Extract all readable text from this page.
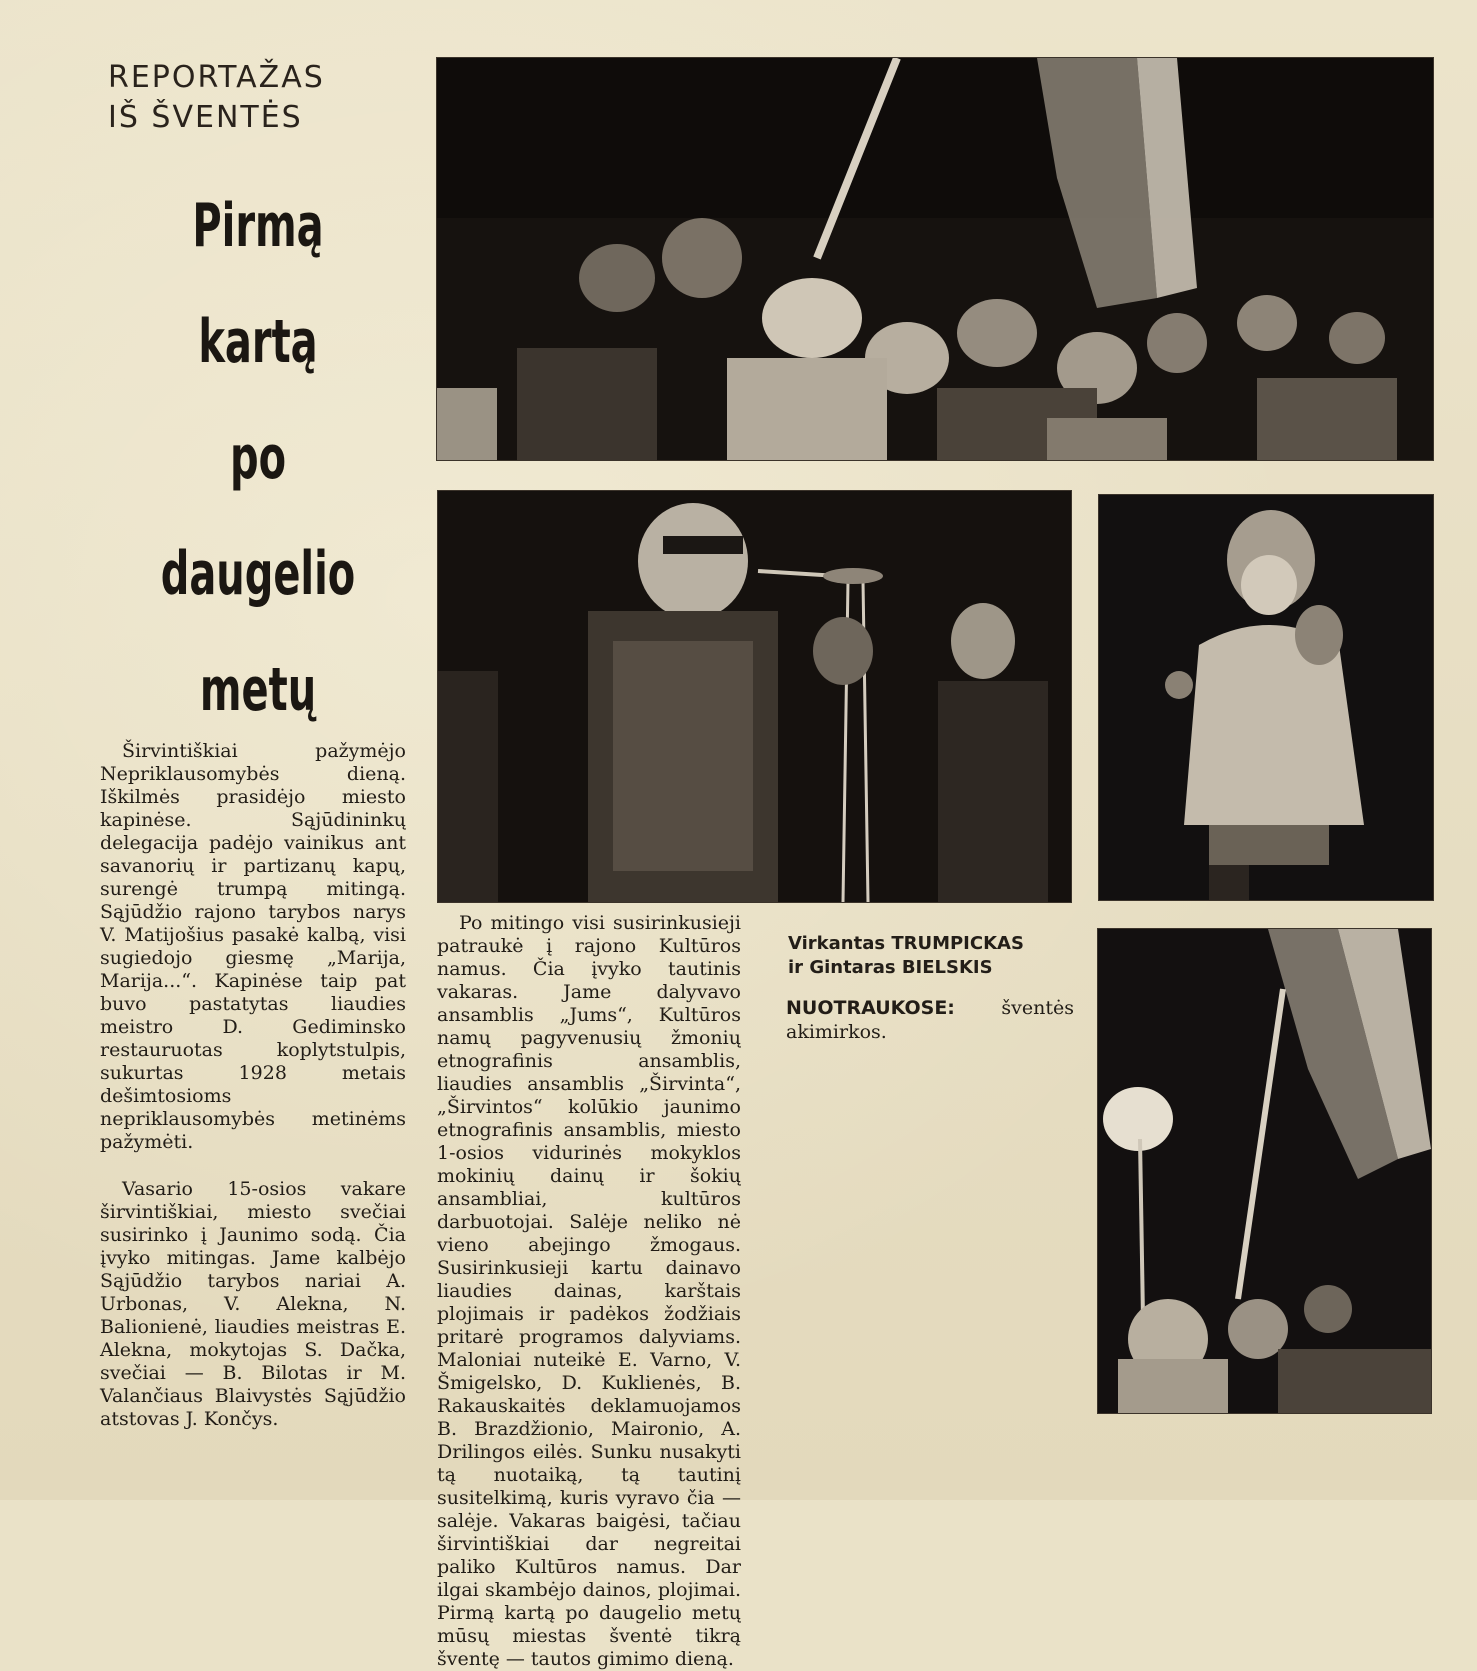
REPORTAŽAS
IŠ ŠVENTĖS
Pirmą
kartą
po
daugelio
metų

Širvintiškiai pažymėjo Nepriklausomybės dieną. Iškilmės prasidėjo miesto kapinėse. Sąjūdininkų delegacija padėjo vainikus ant savanorių ir partizanų kapų, surengė trumpą mitingą. Sąjūdžio rajono tarybos narys V. Matijošius pasakė kalbą, visi sugiedojo giesmę „Marija, Marija...“. Kapinėse taip pat buvo pastatytas liaudies meistro D. Gediminsko restauruotas koplytstulpis, sukurtas 1928 metais dešimtosioms nepriklausomybės metinėms pažymėti.

Vasario 15-osios vakare širvintiškiai, miesto svečiai susirinko į Jaunimo sodą. Čia įvyko mitingas. Jame kalbėjo Sąjūdžio tarybos nariai A. Urbonas, V. Alekna, N. Balionienė, liaudies meistras E. Alekna, mokytojas S. Dačka, svečiai — B. Bilotas ir M. Valančiaus Blaivystės Sąjūdžio atstovas J. Končys.

Po mitingo visi susirinkusieji patraukė į rajono Kultūros namus. Čia įvyko tautinis vakaras. Jame dalyvavo ansamblis „Jums“, Kultūros namų pagyvenusių žmonių etnografinis ansamblis, liaudies ansamblis „Širvinta“, „Širvintos“ kolūkio jaunimo etnografinis ansamblis, miesto 1-osios vidurinės mokyklos mokinių dainų ir šokių ansambliai, kultūros darbuotojai. Salėje neliko nė vieno abejingo žmogaus. Susirinkusieji kartu dainavo liaudies dainas, karštais plojimais ir padėkos žodžiais pritarė programos dalyviams. Maloniai nuteikė E. Varno, V. Šmigelsko, D. Kuklienės, B. Rakauskaitės deklamuojamos B. Brazdžionio, Maironio, A. Drilingos eilės. Sunku nusakyti tą nuotaiką, tą tautinį susitelkimą, kuris vyravo čia — salėje. Vakaras baigėsi, tačiau širvintiškiai dar negreitai paliko Kultūros namus. Dar ilgai skambėjo dainos, plojimai. Pirmą kartą po daugelio metų mūsų miestas šventė tikrą šventę — tautos gimimo dieną.

Virkantas TRUMPICKAS
ir Gintaras BIELSKIS
NUOTRAUKOSE: šventės akimirkos.
